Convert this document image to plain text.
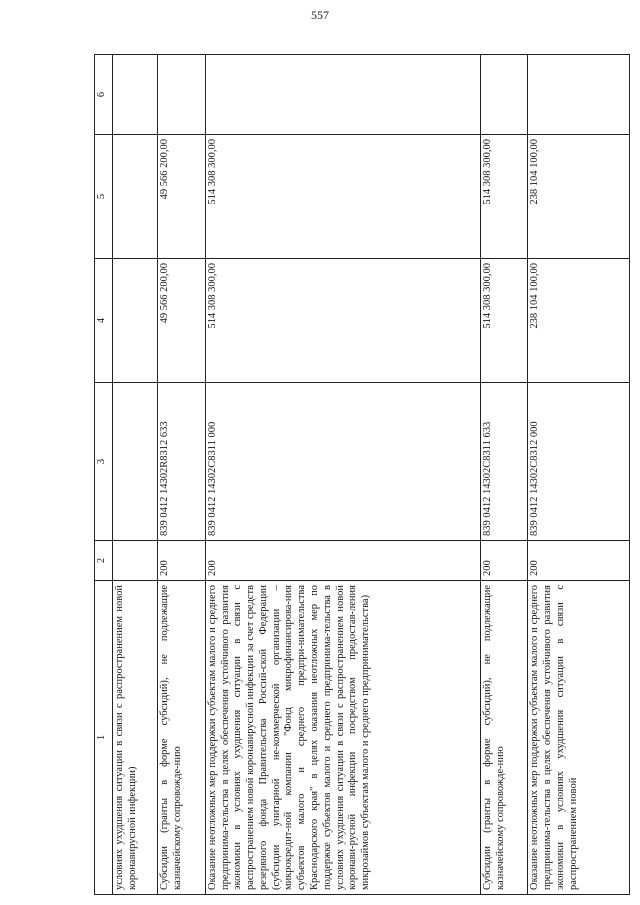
557
1	2	3	4	5	6
условиях ухудшения ситуации в связи с распространением новой коронавирусной инфекции)					
Субсидии (гранты в форме субсидий), не подлежащие казначейскому сопровожде-нию	200	839 0412 14302R8312 633	49 566 200,00	49 566 200,00	
Оказание неотложных мер поддержки субъектам малого и среднего предпринима-тельства в целях обеспечения устойчивого развития экономики в условиях ухудшения ситуации в связи с распространением новой коронавирусной инфекции за счет средств резервного фонда Правительства Россий-ской Федерации (субсидии унитарной не-коммерческой организации – микрокредит-ной компании "Фонд микрофинансирова-ния субъектов малого и среднего предпри-нимательства Краснодарского края" в целях оказания неотложных мер по поддержке субъектов малого и среднего предпринима-тельства в условиях ухудшения ситуации в связи с распространением новой коронави-русной инфекции посредством предостав-ления микрозаймов субъектам малого и среднего предпринимательства)	200	839 0412 14302С8311 000	514 308 300,00	514 308 300,00	
Субсидии (гранты в форме субсидий), не подлежащие казначейскому сопровожде-нию	200	839 0412 14302С8311 633	514 308 300,00	514 308 300,00	
Оказание неотложных мер поддержки субъектам малого и среднего предпринима-тельства в целях обеспечения устойчивого развития экономики в условиях ухудшения ситуации в связи с распространением новой	200	839 0412 14302С8312 000	238 104 100,00	238 104 100,00	
